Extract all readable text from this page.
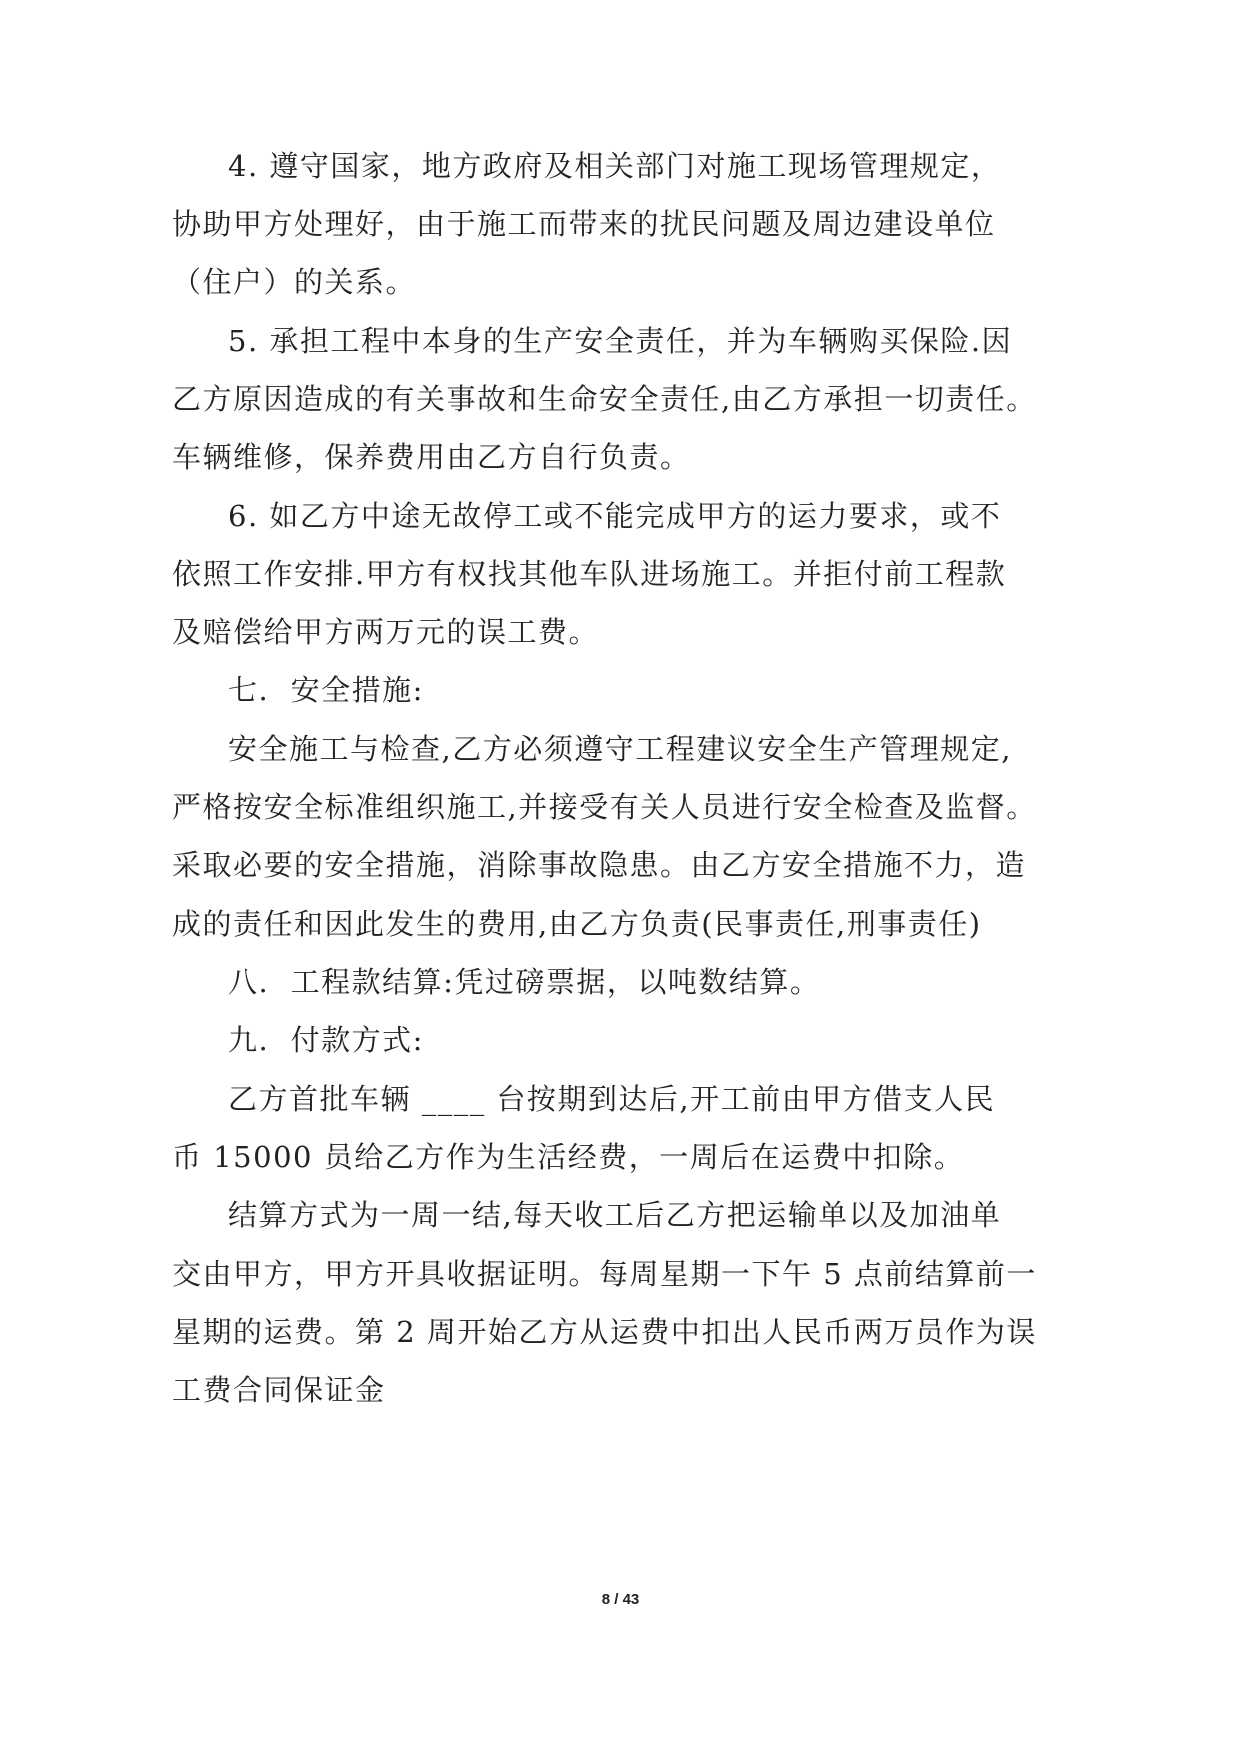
4. 遵守国家，地方政府及相关部门对施工现场管理规定，
协助甲方处理好，由于施工而带来的扰民问题及周边建设单位
（住户）的关系。
5. 承担工程中本身的生产安全责任，并为车辆购买保险.因
乙方原因造成的有关事故和生命安全责任,由乙方承担一切责任。
车辆维修，保养费用由乙方自行负责。
6. 如乙方中途无故停工或不能完成甲方的运力要求，或不
依照工作安排.甲方有权找其他车队进场施工。并拒付前工程款
及赔偿给甲方两万元的误工费。
七.  安全措施:
安全施工与检查,乙方必须遵守工程建议安全生产管理规定,
严格按安全标准组织施工,并接受有关人员进行安全检查及监督。
采取必要的安全措施，消除事故隐患。由乙方安全措施不力，造
成的责任和因此发生的费用,由乙方负责(民事责任,刑事责任)
八.  工程款结算:凭过磅票据，以吨数结算。
九.  付款方式:
乙方首批车辆 ____ 台按期到达后,开工前由甲方借支人民
币 15000 员给乙方作为生活经费，一周后在运费中扣除。
结算方式为一周一结,每天收工后乙方把运输单以及加油单
交由甲方，甲方开具收据证明。每周星期一下午 5 点前结算前一
星期的运费。第 2 周开始乙方从运费中扣出人民币两万员作为误
工费合同保证金
8 / 43
